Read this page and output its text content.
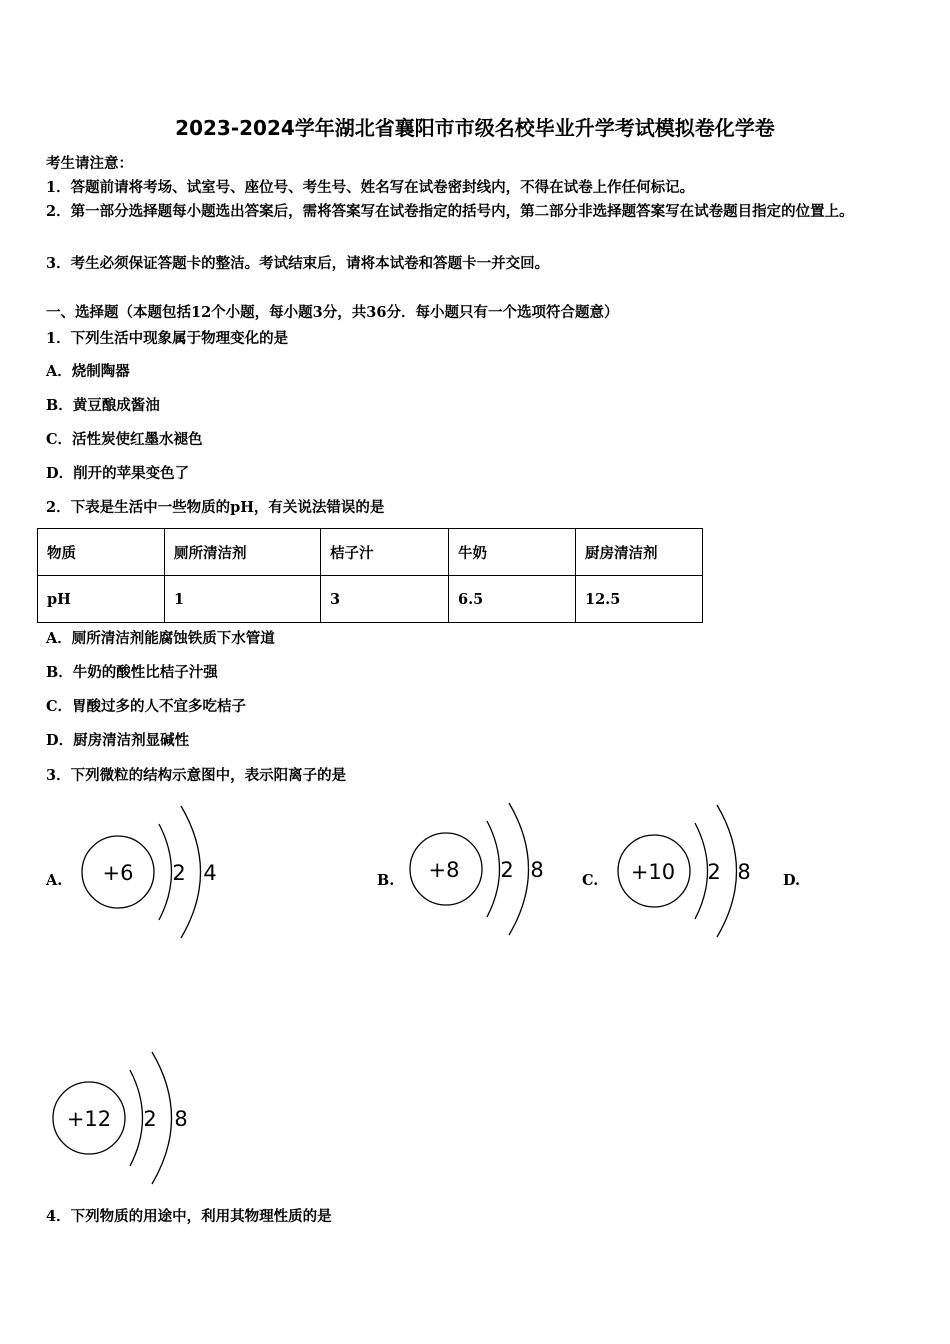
2023-2024学年湖北省襄阳市市级名校毕业升学考试模拟卷化学卷
考生请注意：
1．答题前请将考场、试室号、座位号、考生号、姓名写在试卷密封线内，不得在试卷上作任何标记。
2．第一部分选择题每小题选出答案后，需将答案写在试卷指定的括号内，第二部分非选择题答案写在试卷题目指定的位置上。
3．考生必须保证答题卡的整洁。考试结束后，请将本试卷和答题卡一并交回。
一、选择题（本题包括12个小题，每小题3分，共36分．每小题只有一个选项符合题意）
1．下列生活中现象属于物理变化的是
A．烧制陶器
B．黄豆酿成酱油
C．活性炭使红墨水褪色
D．削开的苹果变色了
2．下表是生活中一些物质的pH，有关说法错误的是
物质	厕所清洁剂	桔子汁	牛奶	厨房清洁剂
pH	1	3	6.5	12.5
A．厕所清洁剂能腐蚀铁质下水管道
B．牛奶的酸性比桔子汁强
C．胃酸过多的人不宜多吃桔子
D．厨房清洁剂显碱性
3．下列微粒的结构示意图中，表示阳离子的是
A.	B.	C.	D.
+6 2 4	+8 2 8	+10 2 8
+12 2 8
4．下列物质的用途中，利用其物理性质的是
